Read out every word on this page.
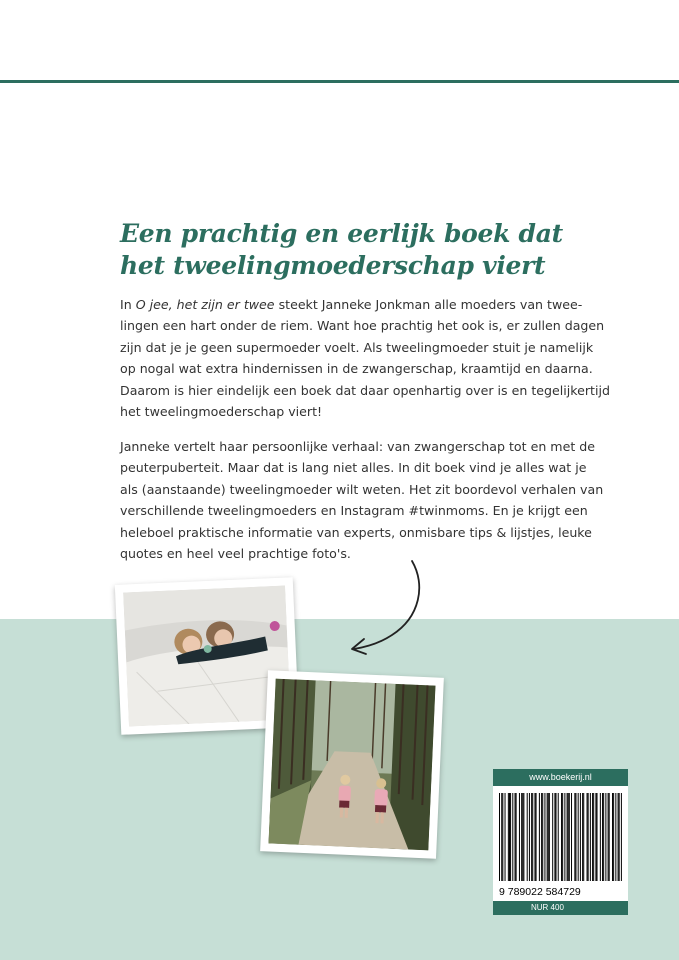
Een prachtig en eerlijk boek dat
het tweelingmoederschap viert

In O jee, het zijn er twee steekt Janneke Jonkman alle moeders van twee-
lingen een hart onder de riem. Want hoe prachtig het ook is, er zullen dagen
zijn dat je je geen supermoeder voelt. Als tweelingmoeder stuit je namelijk
op nogal wat extra hindernissen in de zwangerschap, kraamtijd en daarna.
Daarom is hier eindelijk een boek dat daar openhartig over is en tegelijkertijd
het tweelingmoederschap viert!

Janneke vertelt haar persoonlijke verhaal: van zwangerschap tot en met de
peuterpuberteit. Maar dat is lang niet alles. In dit boek vind je alles wat je
als (aanstaande) tweelingmoeder wilt weten. Het zit boordevol verhalen van
verschillende tweelingmoeders en Instagram #twinmoms. En je krijgt een
heleboel praktische informatie van experts, onmisbare tips & lijstjes, leuke
quotes en heel veel prachtige foto's.

www.boekerij.nl
9 789022 584729
NUR 400
